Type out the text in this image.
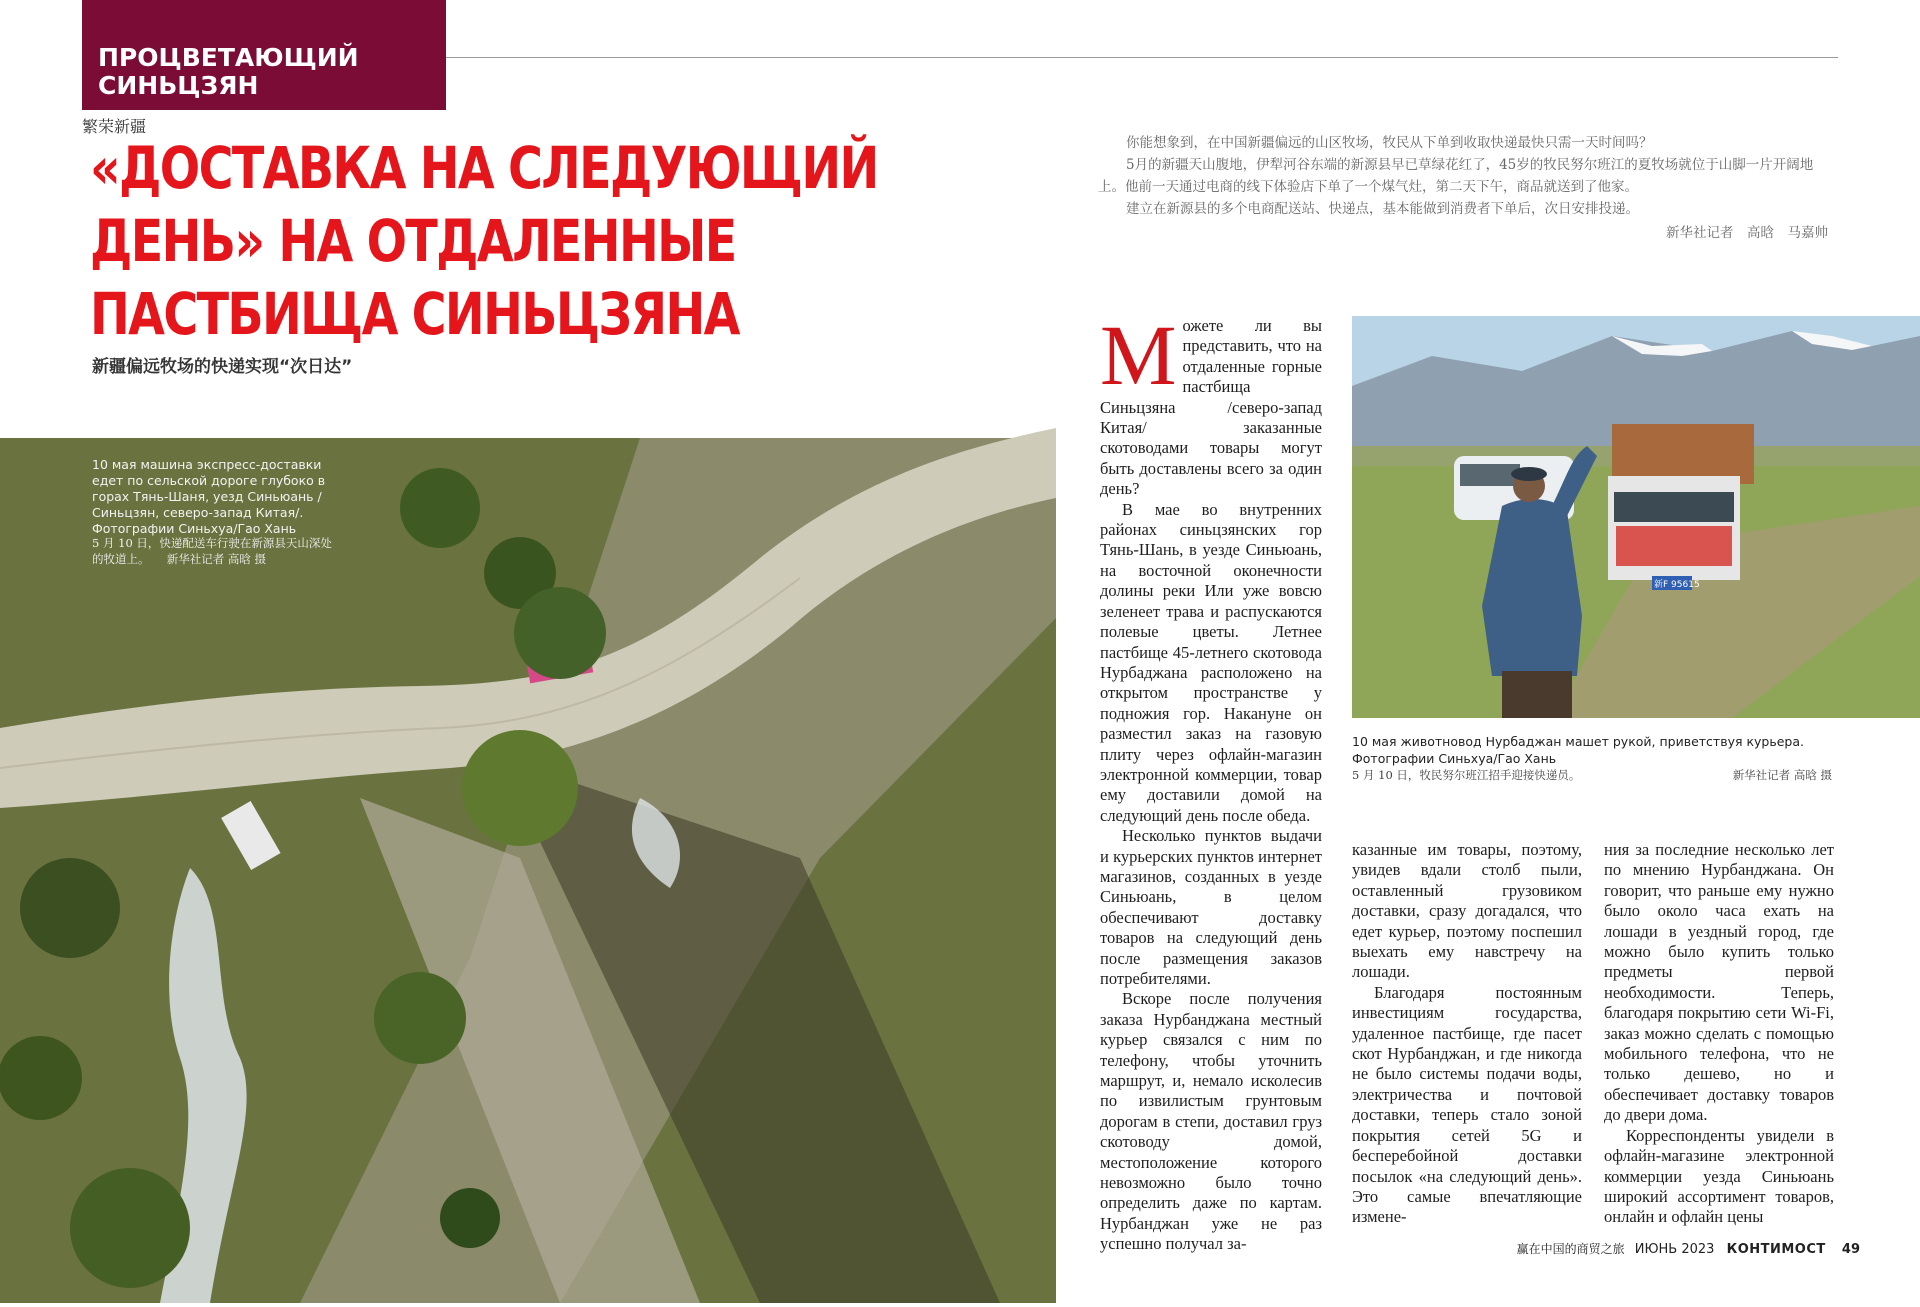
ПРОЦВЕТАЮЩИЙ
СИНЬЦЗЯН
繁荣新疆
«ДОСТАВКА НА СЛЕДУЮЩИЙ
ДЕНЬ» НА ОТДАЛЕННЫЕ
ПАСТБИЩА СИНЬЦЗЯНА
新疆偏远牧场的快递实现“次日达”

你能想象到，在中国新疆偏远的山区牧场，牧民从下单到收取快递最快只需一天时间吗？

5月的新疆天山腹地，伊犁河谷东端的新源县早已草绿花红了，45岁的牧民努尔班江的夏牧场就位于山脚一片开阔地上。他前一天通过电商的线下体验店下单了一个煤气灶，第二天下午，商品就送到了他家。

建立在新源县的多个电商配送站、快递点，基本能做到消费者下单后，次日安排投递。

新华社记者　高晗　马嘉帅

10 мая машина экспресс-доставки едет по сельской дороге глубоко в горах Тянь-Шаня, уезд Синьюань /Синьцзян, северо-запад Китая/. Фотографии Синьхуа/Гао Хань
5 月 10 日，快递配送车行驶在新源县天山深处的牧道上。　　新华社记者 高晗 摄
新F 95615
10 мая животновод Нурбаджан машет рукой, приветствуя курьера. Фотографии Синьхуа/Гао Хань
5 月 10 日，牧民努尔班江招手迎接快递员。	新华社记者 高晗 摄

Можете ли вы представить, что на отдаленные горные пастбища Синьцзяна /северо-запад Китая/ заказанные скотоводами товары могут быть доставлены всего за один день?

В мае во внутренних районах синьцзянских гор Тянь-Шань, в уезде Синьюань, на восточной оконечности долины реки Или уже вовсю зеленеет трава и распускаются полевые цветы. Летнее пастбище 45-летнего скотовода Нурбаджана расположено на открытом пространстве у подножия гор. Накануне он разместил заказ на газовую плиту через офлайн-магазин электронной коммерции, товар ему доставили домой на следующий день после обеда.

Несколько пунктов выдачи и курьерских пунктов интернет магазинов, созданных в уезде Синьюань, в целом обеспечивают доставку товаров на следующий день после размещения заказов потребителями.

Вскоре после получения заказа Нурбанджана местный курьер связался с ним по телефону, чтобы уточнить маршрут, и, немало исколесив по извилистым грунтовым дорогам в степи, доставил груз скотоводу домой, местоположение которого невозможно было точно определить даже по картам. Нурбанджан уже не раз успешно получал за-

казанные им товары, поэтому, увидев вдали столб пыли, оставленный грузовиком доставки, сразу догадался, что едет курьер, поэтому поспешил выехать ему навстречу на лошади.

Благодаря постоянным инвестициям государства, удаленное пастбище, где пасет скот Нурбанджан, и где никогда не было системы подачи воды, электричества и почтовой доставки, теперь стало зоной покрытия сетей 5G и бесперебойной доставки посылок «на следующий день». Это самые впечатляющие измене-

ния за последние несколько лет по мнению Нурбанджана. Он говорит, что раньше ему нужно было около часа ехать на лошади в уездный город, где можно было купить только предметы первой необходимости. Теперь, благодаря покрытию сети Wi-Fi, заказ можно сделать с помощью мобильного телефона, что не только дешево, но и обеспечивает доставку товаров до двери дома.

Корреспонденты увидели в офлайн-магазине электронной коммерции уезда Синьюань широкий ассортимент товаров, онлайн и офлайн цены

赢在中国的商贸之旅 ИЮНЬ 2023 КОНТИМОСТ 49
